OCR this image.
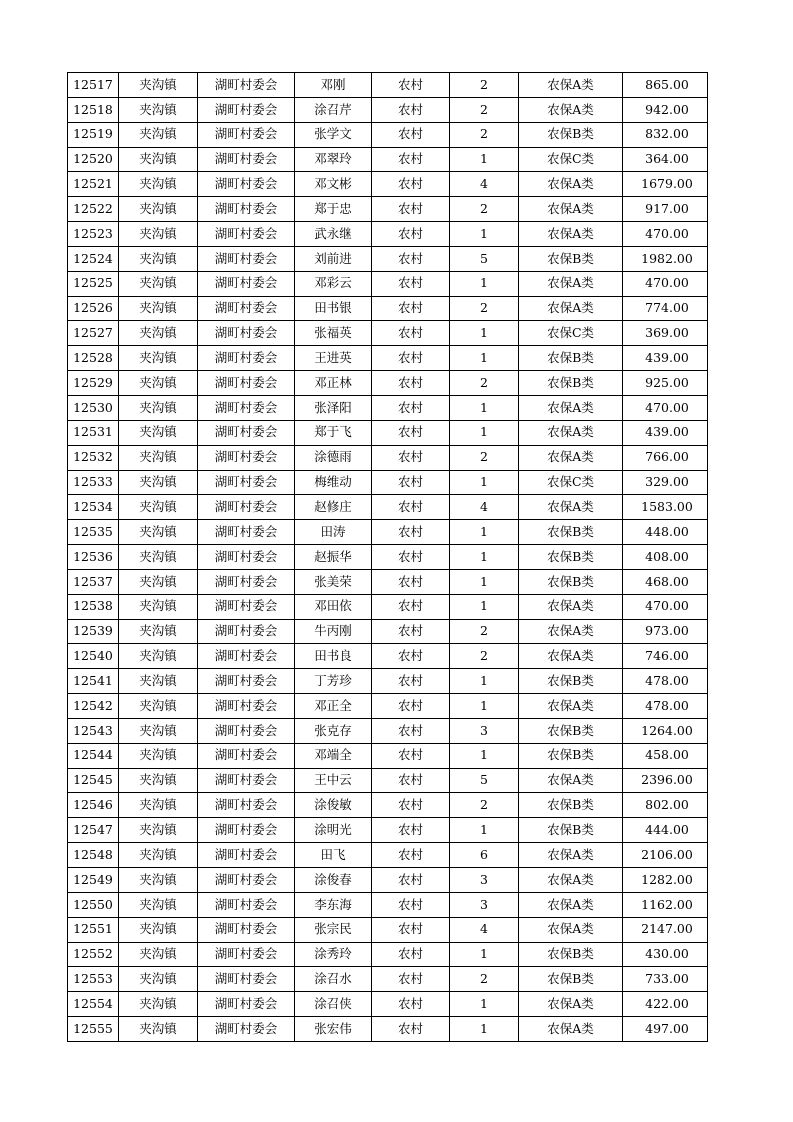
12517	夹沟镇	湖町村委会	邓刚	农村	2	农保A类	865.00
12518	夹沟镇	湖町村委会	涂召芹	农村	2	农保A类	942.00
12519	夹沟镇	湖町村委会	张学文	农村	2	农保B类	832.00
12520	夹沟镇	湖町村委会	邓翠玲	农村	1	农保C类	364.00
12521	夹沟镇	湖町村委会	邓文彬	农村	4	农保A类	1679.00
12522	夹沟镇	湖町村委会	郑于忠	农村	2	农保A类	917.00
12523	夹沟镇	湖町村委会	武永继	农村	1	农保A类	470.00
12524	夹沟镇	湖町村委会	刘前进	农村	5	农保B类	1982.00
12525	夹沟镇	湖町村委会	邓彩云	农村	1	农保A类	470.00
12526	夹沟镇	湖町村委会	田书银	农村	2	农保A类	774.00
12527	夹沟镇	湖町村委会	张福英	农村	1	农保C类	369.00
12528	夹沟镇	湖町村委会	王进英	农村	1	农保B类	439.00
12529	夹沟镇	湖町村委会	邓正林	农村	2	农保B类	925.00
12530	夹沟镇	湖町村委会	张泽阳	农村	1	农保A类	470.00
12531	夹沟镇	湖町村委会	郑于飞	农村	1	农保A类	439.00
12532	夹沟镇	湖町村委会	涂德雨	农村	2	农保A类	766.00
12533	夹沟镇	湖町村委会	梅维动	农村	1	农保C类	329.00
12534	夹沟镇	湖町村委会	赵修庄	农村	4	农保A类	1583.00
12535	夹沟镇	湖町村委会	田涛	农村	1	农保B类	448.00
12536	夹沟镇	湖町村委会	赵振华	农村	1	农保B类	408.00
12537	夹沟镇	湖町村委会	张美荣	农村	1	农保B类	468.00
12538	夹沟镇	湖町村委会	邓田依	农村	1	农保A类	470.00
12539	夹沟镇	湖町村委会	牛丙刚	农村	2	农保A类	973.00
12540	夹沟镇	湖町村委会	田书良	农村	2	农保A类	746.00
12541	夹沟镇	湖町村委会	丁芳珍	农村	1	农保B类	478.00
12542	夹沟镇	湖町村委会	邓正全	农村	1	农保A类	478.00
12543	夹沟镇	湖町村委会	张克存	农村	3	农保B类	1264.00
12544	夹沟镇	湖町村委会	邓端全	农村	1	农保B类	458.00
12545	夹沟镇	湖町村委会	王中云	农村	5	农保A类	2396.00
12546	夹沟镇	湖町村委会	涂俊敏	农村	2	农保B类	802.00
12547	夹沟镇	湖町村委会	涂明光	农村	1	农保B类	444.00
12548	夹沟镇	湖町村委会	田飞	农村	6	农保A类	2106.00
12549	夹沟镇	湖町村委会	涂俊春	农村	3	农保A类	1282.00
12550	夹沟镇	湖町村委会	李东海	农村	3	农保A类	1162.00
12551	夹沟镇	湖町村委会	张宗民	农村	4	农保A类	2147.00
12552	夹沟镇	湖町村委会	涂秀玲	农村	1	农保B类	430.00
12553	夹沟镇	湖町村委会	涂召水	农村	2	农保B类	733.00
12554	夹沟镇	湖町村委会	涂召侠	农村	1	农保A类	422.00
12555	夹沟镇	湖町村委会	张宏伟	农村	1	农保A类	497.00
